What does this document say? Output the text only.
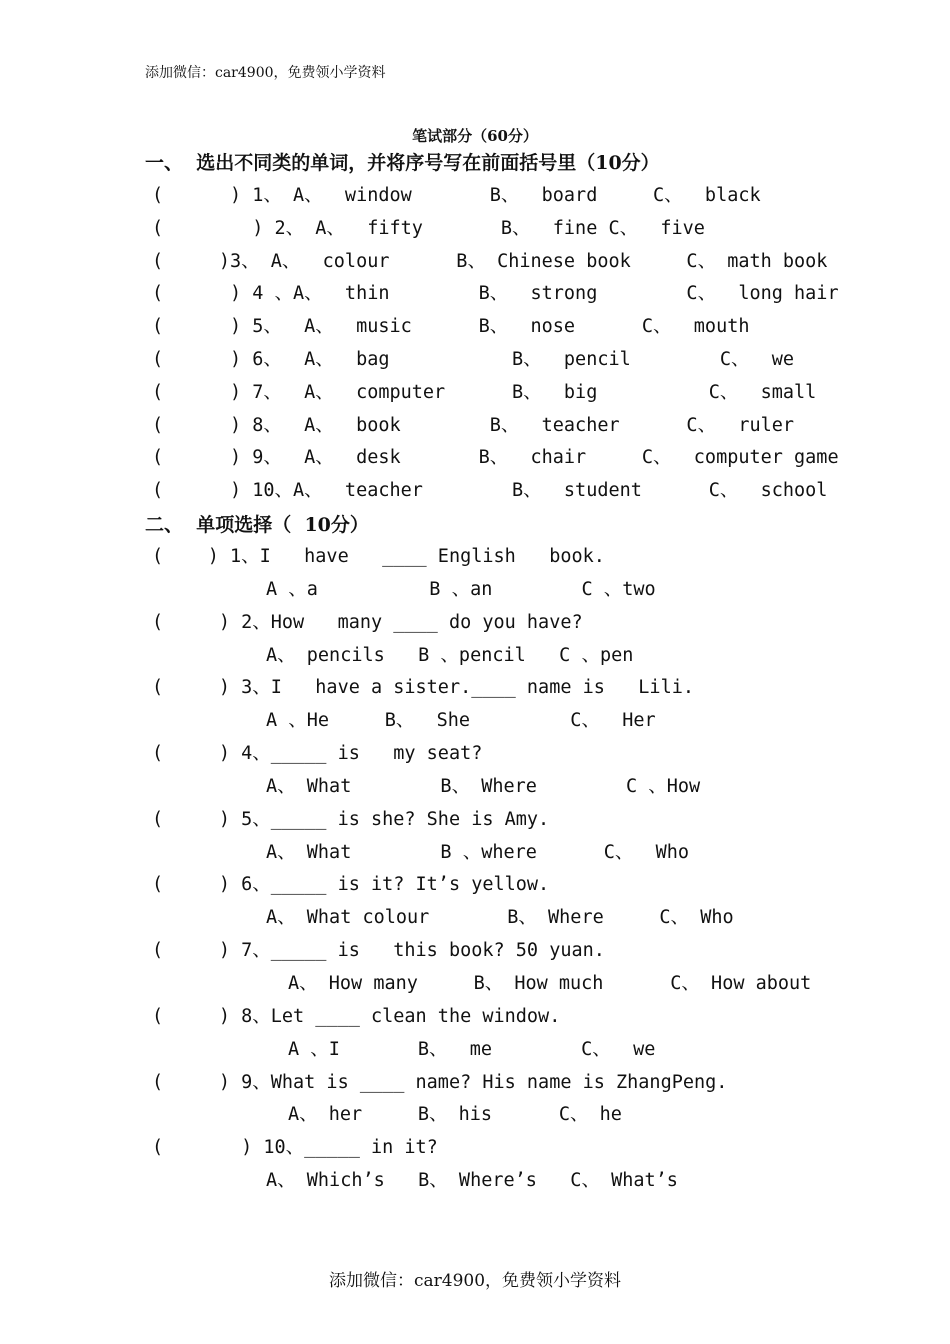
添加微信：car4900，免费领小学资料
笔试部分（60分）
一、  选出不同类的单词，并将序号写在前面括号里（10分）
(      ) 1、 A、  window       B、  board     C、  black
(        ) 2、 A、  fifty       B、  fine C、  five
(     )3、 A、  colour      B、 Chinese book     C、 math book
(      ) 4 、A、  thin        B、  strong        C、  long hair
(      ) 5、  A、  music      B、  nose      C、  mouth
(      ) 6、  A、  bag           B、  pencil        C、  we
(      ) 7、  A、  computer      B、  big          C、  small
(      ) 8、  A、  book        B、  teacher      C、  ruler
(      ) 9、  A、  desk       B、  chair     C、  computer game
(      ) 10、A、  teacher        B、  student      C、  school
二、  单项选择（  10分）
(    ) 1、I   have   ____ English   book.
A 、a          B 、an        C 、two
(     ) 2、How   many ____ do you have?
A、 pencils   B 、pencil   C 、pen
(     ) 3、I   have a sister.____ name is   Lili.
A 、He     B、  She         C、  Her
(     ) 4、_____ is   my seat?
A、 What        B、 Where        C 、How
(     ) 5、_____ is she? She is Amy.
A、 What        B 、where      C、  Who
(     ) 6、_____ is it? It’s yellow.
A、 What colour       B、 Where     C、 Who
(     ) 7、_____ is   this book? 50 yuan.
A、 How many     B、 How much      C、 How about
(     ) 8、Let ____ clean the window.
A 、I       B、  me        C、  we
(     ) 9、What is ____ name? His name is ZhangPeng.
A、 her     B、 his      C、 he
(       ) 10、_____ in it?
A、 Which’s   B、 Where’s   C、 What’s
添加微信：car4900，免费领小学资料
